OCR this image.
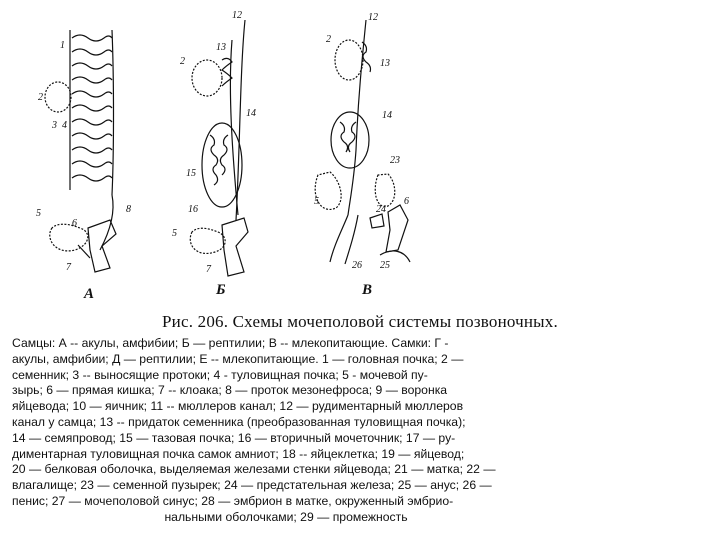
1
2
3 4
5
6
7
8
12
13
2
14
15
16
5
7
12
2
13
14
23
5
24
6
26 25
А	Б	В
Рис. 206. Схемы мочеполовой системы позвоночных.
Самцы: А -- акулы, амфибии; Б — рептилии; В -- млекопитающие. Самки: Г -
акулы, амфибии; Д — рептилии; Е -- млекопитающие. 1 — головная почка; 2 —
семенник; 3 -- выносящие протоки; 4 - туловищная почка; 5 - мочевой пу-
зырь; 6 — прямая кишка; 7 -- клоака; 8 — проток мезонефроса; 9 — воронка
яйцевода; 10 — яичник; 11 -- мюллеров канал; 12 — рудиментарный мюллеров
канал у самца; 13 -- придаток семенника (преобразованная туловищная почка);
14 — семяпровод; 15 — тазовая почка; 16 — вторичный мочеточник; 17 — ру-
диментарная туловищная почка самок амниот; 18 -- яйцеклетка; 19 — яйцевод;
20 — белковая оболочка, выделяемая железами стенки яйцевода; 21 — матка; 22 —
влагалище; 23 — семенной пузырек; 24 — предстательная железа; 25 — анус; 26 —
пенис; 27 — мочеполовой синус; 28 — эмбрион в матке, окруженный эмбрио-
нальными оболочками; 29 — промежность
